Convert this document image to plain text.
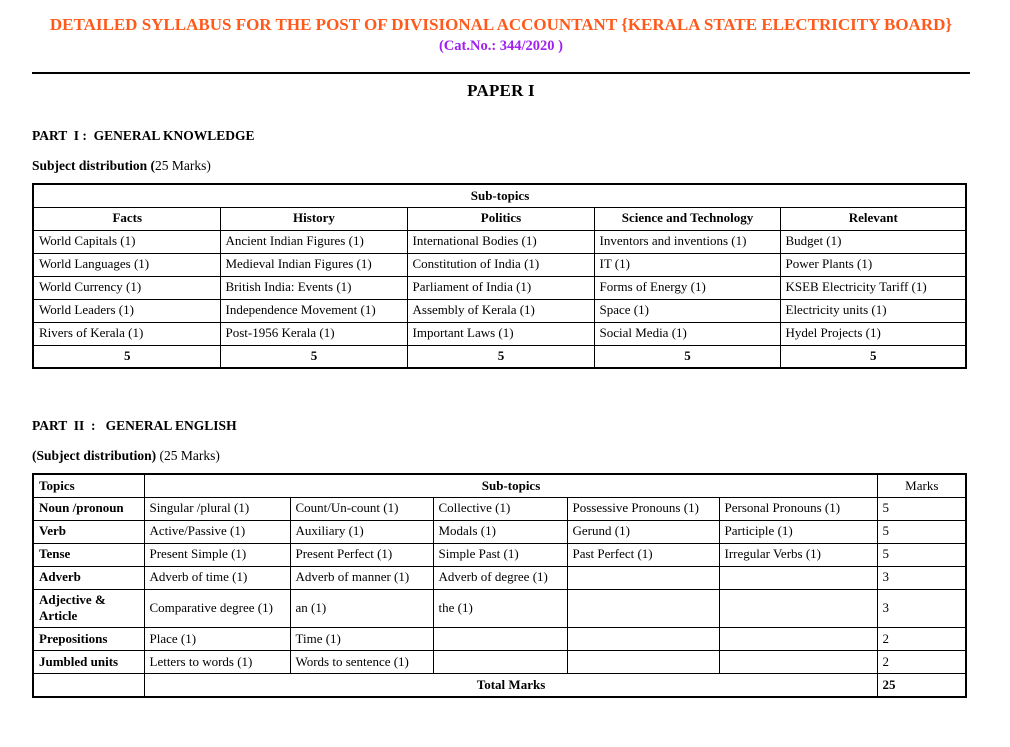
DETAILED SYLLABUS FOR THE POST OF DIVISIONAL ACCOUNTANT {KERALA STATE ELECTRICITY BOARD}
(Cat.No.: 344/2020 )
PAPER I
PART  I :  GENERAL KNOWLEDGE

Subject distribution (25 Marks)

Sub-topics				
Facts	History	Politics	Science and Technology	Relevant
World Capitals (1)	Ancient Indian Figures (1)	International Bodies (1)	Inventors and inventions (1)	Budget (1)
World Languages (1)	Medieval Indian Figures (1)	Constitution of India (1)	IT (1)	Power Plants (1)
World Currency (1)	British India: Events (1)	Parliament of India (1)	Forms of Energy (1)	KSEB Electricity Tariff (1)
World Leaders (1)	Independence Movement (1)	Assembly of Kerala (1)	Space (1)	Electricity units (1)
Rivers of Kerala (1)	Post-1956 Kerala (1)	Important Laws (1)	Social Media (1)	Hydel Projects (1)
5	5	5	5	5
PART  II  :   GENERAL ENGLISH

(Subject distribution) (25 Marks)

Topics	Sub-topics					Marks
Noun /pronoun	Singular /plural (1)	Count/Un-count (1)	Collective (1)	Possessive Pronouns (1)	Personal Pronouns (1)	5
Verb	Active/Passive (1)	Auxiliary (1)	Modals (1)	Gerund (1)	Participle (1)	5
Tense	Present Simple (1)	Present Perfect (1)	Simple Past (1)	Past Perfect (1)	Irregular Verbs (1)	5
Adverb	Adverb of time (1)	Adverb of manner (1)	Adverb of degree (1)			3
Adjective & Article	Comparative degree (1)	an (1)	the (1)			3
Prepositions	Place (1)	Time (1)				2
Jumbled units	Letters to words (1)	Words to sentence (1)				2
	Total Marks					25
